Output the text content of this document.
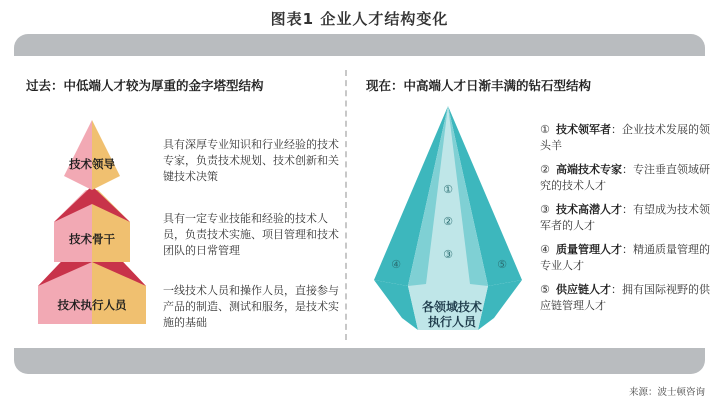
图表1 企业人才结构变化
过去：中低端人才较为厚重的金字塔型结构	现在：中高端人才日渐丰满的钻石型结构
技术领导
技术骨干
技术执行人员
具有深厚专业知识和行业经验的技术专家，负责技术规划、技术创新和关键技术决策
具有一定专业技能和经验的技术人员，负责技术实施、项目管理和技术团队的日常管理
一线技术人员和操作人员，直接参与产品的制造、测试和服务，是技术实施的基础
①
②
③
④	⑤
各领域技术
执行人员
① 技术领军者：企业技术发展的领头羊
② 高端技术专家：专注垂直领域研究的技术人才
③ 技术高潜人才：有望成为技术领军者的人才
④ 质量管理人才：精通质量管理的专业人才
⑤ 供应链人才：拥有国际视野的供应链管理人才
来源：波士顿咨询
